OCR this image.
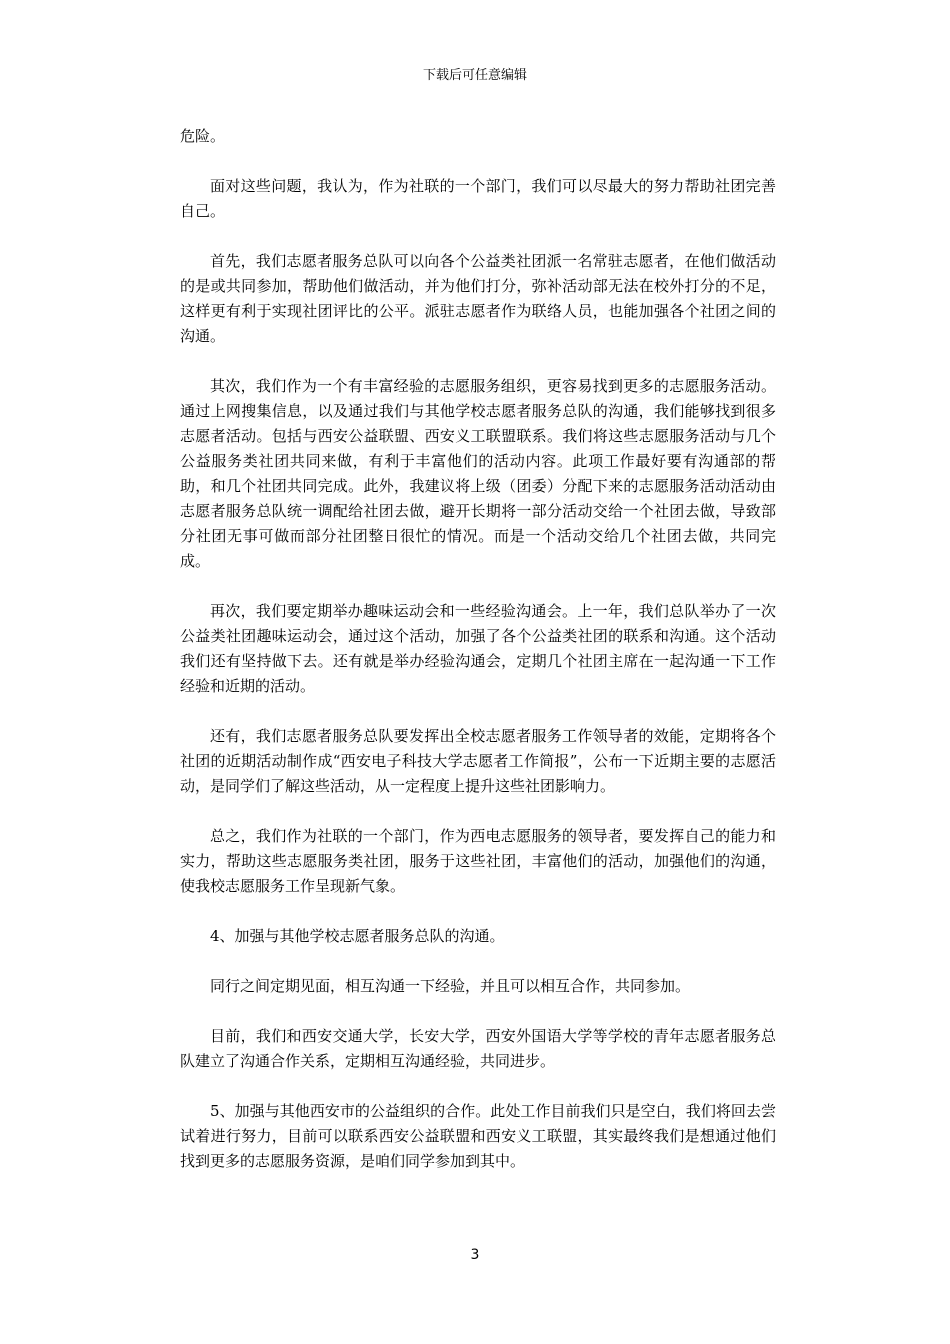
下载后可任意编辑

危险。

面对这些问题，我认为，作为社联的一个部门，我们可以尽最大的努力帮助社团完善自己。

首先，我们志愿者服务总队可以向各个公益类社团派一名常驻志愿者，在他们做活动的是或共同参加，帮助他们做活动，并为他们打分，弥补活动部无法在校外打分的不足，这样更有利于实现社团评比的公平。派驻志愿者作为联络人员，也能加强各个社团之间的沟通。

其次，我们作为一个有丰富经验的志愿服务组织，更容易找到更多的志愿服务活动。通过上网搜集信息，以及通过我们与其他学校志愿者服务总队的沟通，我们能够找到很多志愿者活动。包括与西安公益联盟、西安义工联盟联系。我们将这些志愿服务活动与几个公益服务类社团共同来做，有利于丰富他们的活动内容。此项工作最好要有沟通部的帮助，和几个社团共同完成。此外，我建议将上级（团委）分配下来的志愿服务活动活动由志愿者服务总队统一调配给社团去做，避开长期将一部分活动交给一个社团去做，导致部分社团无事可做而部分社团整日很忙的情况。而是一个活动交给几个社团去做，共同完成。

再次，我们要定期举办趣味运动会和一些经验沟通会。上一年，我们总队举办了一次公益类社团趣味运动会，通过这个活动，加强了各个公益类社团的联系和沟通。这个活动我们还有坚持做下去。还有就是举办经验沟通会，定期几个社团主席在一起沟通一下工作经验和近期的活动。

还有，我们志愿者服务总队要发挥出全校志愿者服务工作领导者的效能，定期将各个社团的近期活动制作成“西安电子科技大学志愿者工作简报”，公布一下近期主要的志愿活动，是同学们了解这些活动，从一定程度上提升这些社团影响力。

总之，我们作为社联的一个部门，作为西电志愿服务的领导者，要发挥自己的能力和实力，帮助这些志愿服务类社团，服务于这些社团，丰富他们的活动，加强他们的沟通，使我校志愿服务工作呈现新气象。

4、加强与其他学校志愿者服务总队的沟通。

同行之间定期见面，相互沟通一下经验，并且可以相互合作，共同参加。

目前，我们和西安交通大学，长安大学，西安外国语大学等学校的青年志愿者服务总队建立了沟通合作关系，定期相互沟通经验，共同进步。

5、加强与其他西安市的公益组织的合作。此处工作目前我们只是空白，我们将回去尝试着进行努力，目前可以联系西安公益联盟和西安义工联盟，其实最终我们是想通过他们找到更多的志愿服务资源，是咱们同学参加到其中。

3
